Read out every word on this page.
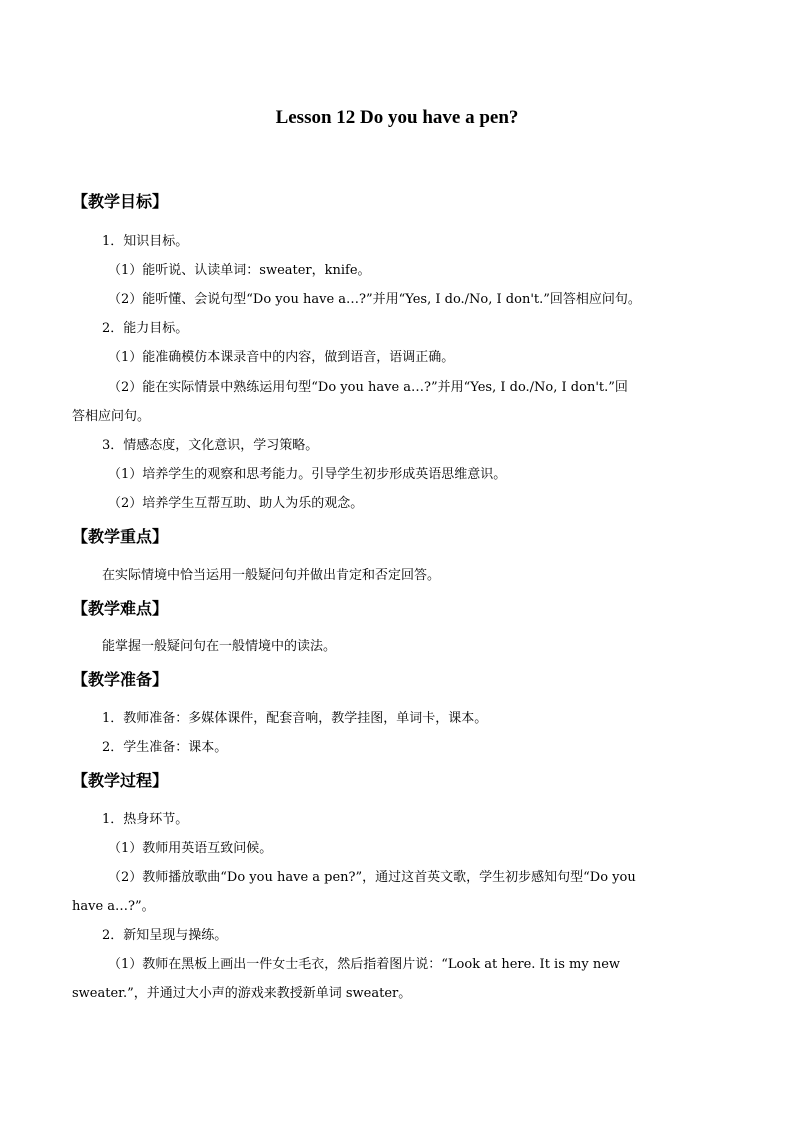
Lesson 12 Do you have a pen?
【教学目标】
1．知识目标。
（1）能听说、认读单词：sweater，knife。
（2）能听懂、会说句型“Do you have a…?”并用“Yes, I do./No, I don't.”回答相应问句。
2．能力目标。
（1）能准确模仿本课录音中的内容，做到语音，语调正确。
（2）能在实际情景中熟练运用句型“Do you have a…?”并用“Yes, I do./No, I don't.”回
答相应问句。
3．情感态度，文化意识，学习策略。
（1）培养学生的观察和思考能力。引导学生初步形成英语思维意识。
（2）培养学生互帮互助、助人为乐的观念。
【教学重点】
在实际情境中恰当运用一般疑问句并做出肯定和否定回答。
【教学难点】
能掌握一般疑问句在一般情境中的读法。
【教学准备】
1．教师准备：多媒体课件，配套音响，教学挂图，单词卡，课本。
2．学生准备：课本。
【教学过程】
1．热身环节。
（1）教师用英语互致问候。
（2）教师播放歌曲“Do you have a pen?”，通过这首英文歌，学生初步感知句型“Do you
have a…?”。
2．新知呈现与操练。
（1）教师在黑板上画出一件女士毛衣，然后指着图片说：“Look at here. It is my new
sweater.”，并通过大小声的游戏来教授新单词 sweater。
